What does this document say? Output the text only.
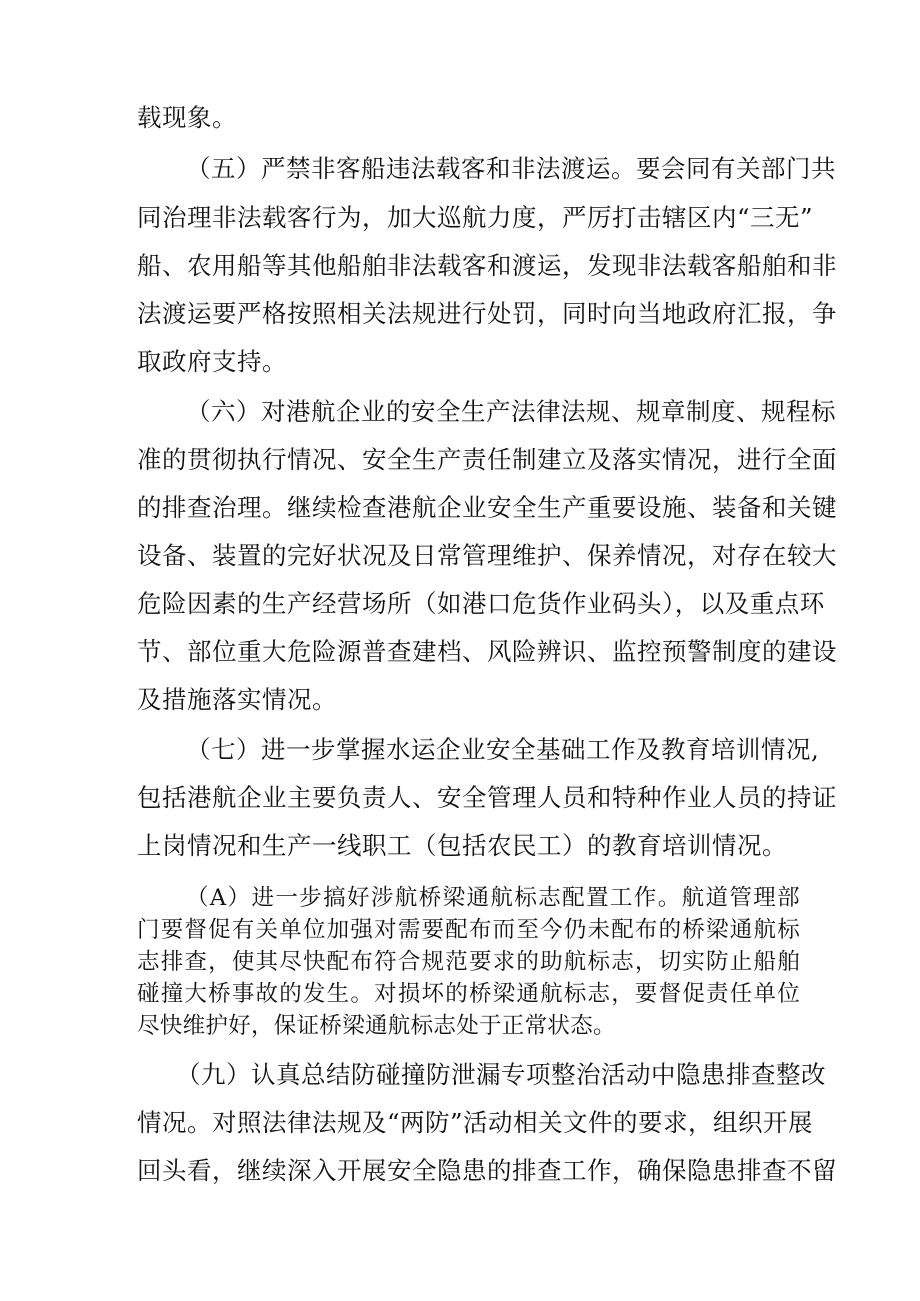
载现象。
（五）严禁非客船违法载客和非法渡运。要会同有关部门共
同治理非法载客行为，加大巡航力度，严厉打击辖区内“三无”
船、农用船等其他船舶非法载客和渡运，发现非法载客船舶和非
法渡运要严格按照相关法规进行处罚，同时向当地政府汇报，争
取政府支持。
（六）对港航企业的安全生产法律法规、规章制度、规程标
准的贯彻执行情况、安全生产责任制建立及落实情况，进行全面
的排查治理。继续检查港航企业安全生产重要设施、装备和关键
设备、装置的完好状况及日常管理维护、保养情况，对存在较大
危险因素的生产经营场所（如港口危货作业码头），以及重点环
节、部位重大危险源普查建档、风险辨识、监控预警制度的建设
及措施落实情况。
（七）进一步掌握水运企业安全基础工作及教育培训情况,
包括港航企业主要负责人、安全管理人员和特种作业人员的持证
上岗情况和生产一线职工（包括农民工）的教育培训情况。
（A）进一步搞好涉航桥梁通航标志配置工作。航道管理部
门要督促有关单位加强对需要配布而至今仍未配布的桥梁通航标
志排查，使其尽快配布符合规范要求的助航标志，切实防止船舶
碰撞大桥事故的发生。对损坏的桥梁通航标志，要督促责任单位
尽快维护好，保证桥梁通航标志处于正常状态。
（九）认真总结防碰撞防泄漏专项整治活动中隐患排查整改
情况。对照法律法规及“两防”活动相关文件的要求，组织开展
回头看，继续深入开展安全隐患的排查工作，确保隐患排查不留
